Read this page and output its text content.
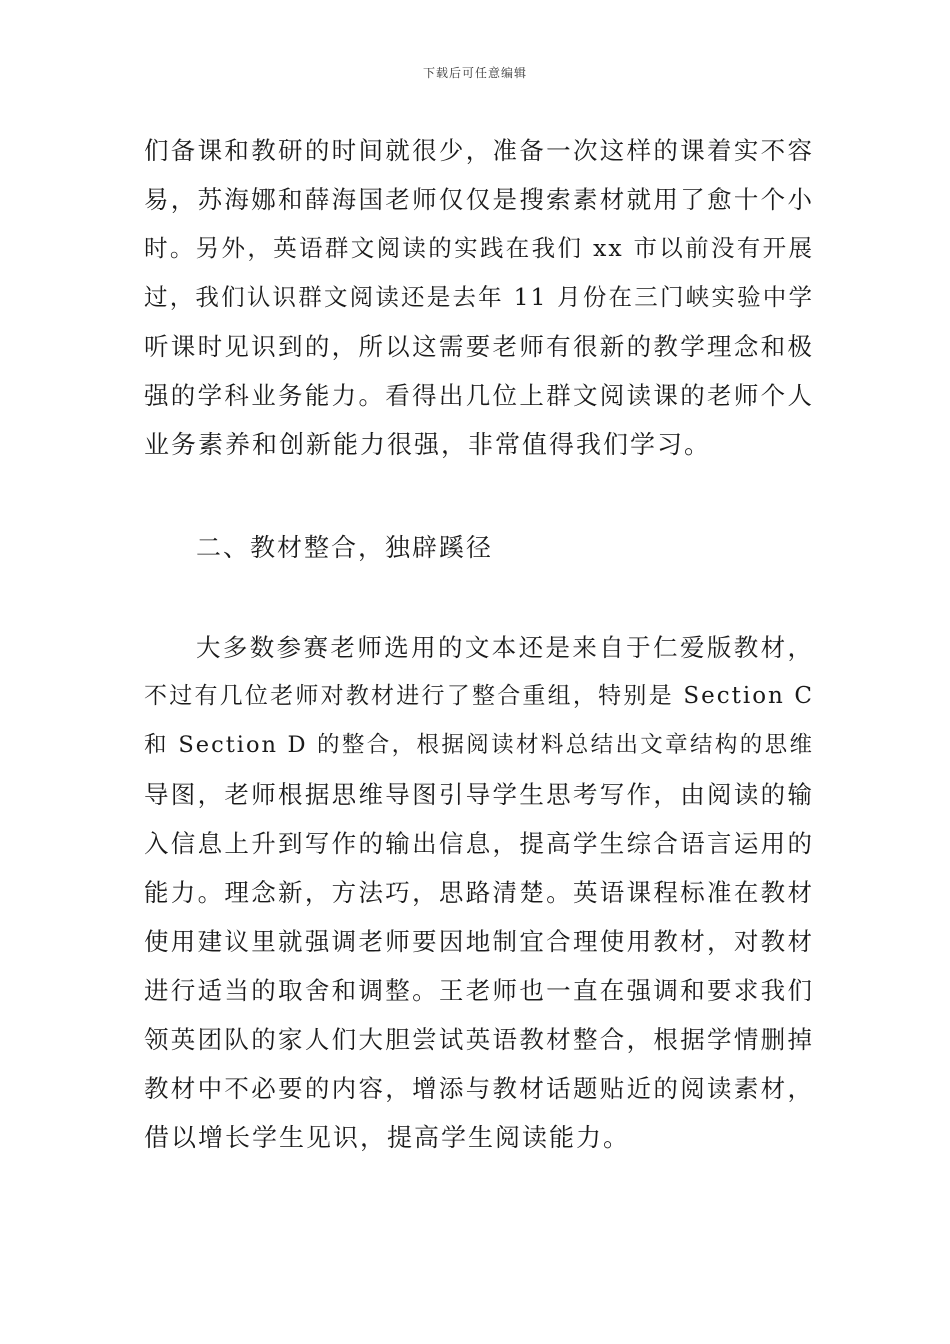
下载后可任意编辑
们备课和教研的时间就很少，准备一次这样的课着实不容
易，苏海娜和薛海国老师仅仅是搜索素材就用了愈十个小
时。另外，英语群文阅读的实践在我们 xx 市以前没有开展
过，我们认识群文阅读还是去年 11 月份在三门峡实验中学
听课时见识到的，所以这需要老师有很新的教学理念和极
强的学科业务能力。看得出几位上群文阅读课的老师个人
业务素养和创新能力很强，非常值得我们学习。
二、教材整合，独辟蹊径
大多数参赛老师选用的文本还是来自于仁爱版教材，
不过有几位老师对教材进行了整合重组，特别是 Section C
和 Section D 的整合，根据阅读材料总结出文章结构的思维
导图，老师根据思维导图引导学生思考写作，由阅读的输
入信息上升到写作的输出信息，提高学生综合语言运用的
能力。理念新，方法巧，思路清楚。英语课程标准在教材
使用建议里就强调老师要因地制宜合理使用教材，对教材
进行适当的取舍和调整。王老师也一直在强调和要求我们
领英团队的家人们大胆尝试英语教材整合，根据学情删掉
教材中不必要的内容，增添与教材话题贴近的阅读素材，
借以增长学生见识，提高学生阅读能力。
